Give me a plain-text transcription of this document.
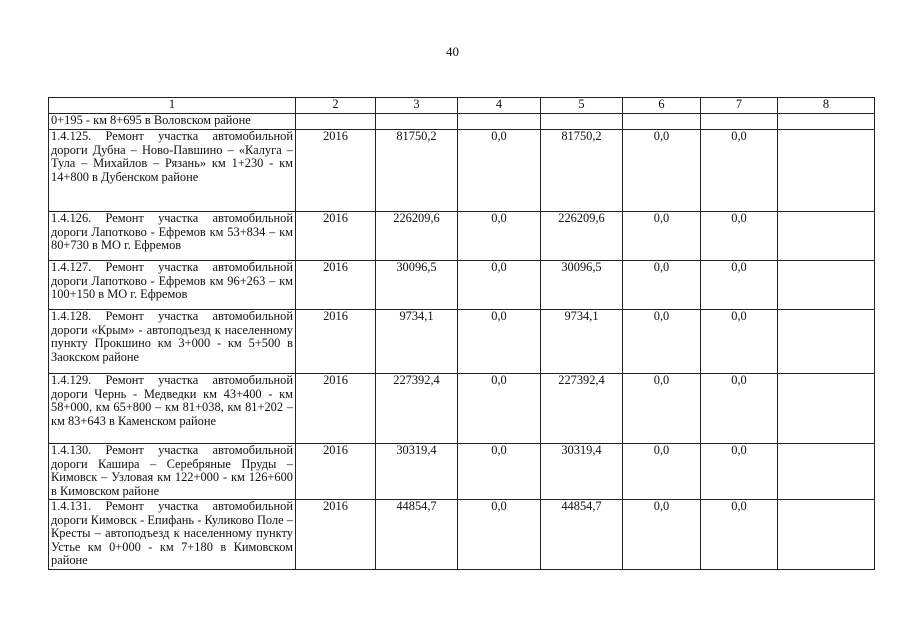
40
1	2	3	4	5	6	7	8
0+195 - км 8+695 в Воловском районе							
1.4.125. Ремонт участка автомобильной дороги Дубна – Ново-Павшино – «Калуга – Тула – Михайлов – Рязань» км 1+230 - км 14+800 в Дубенском районе	2016	81750,2	0,0	81750,2	0,0	0,0	
1.4.126. Ремонт участка автомобильной дороги Лапотково - Ефремов км 53+834 – км 80+730 в МО г. Ефремов	2016	226209,6	0,0	226209,6	0,0	0,0	
1.4.127. Ремонт участка автомобильной дороги Лапотково - Ефремов км 96+263 – км 100+150 в МО г. Ефремов	2016	30096,5	0,0	30096,5	0,0	0,0	
1.4.128. Ремонт участка автомобильной дороги «Крым» - автоподъезд к населенному пункту Прокшино км 3+000 - км 5+500 в Заокском районе	2016	9734,1	0,0	9734,1	0,0	0,0	
1.4.129. Ремонт участка автомобильной дороги Чернь - Медведки км 43+400 - км 58+000, км 65+800 – км 81+038, км 81+202 – км 83+643 в Каменском районе	2016	227392,4	0,0	227392,4	0,0	0,0	
1.4.130. Ремонт участка автомобильной дороги Кашира – Серебряные Пруды – Кимовск – Узловая км 122+000 - км 126+600 в Кимовском районе	2016	30319,4	0,0	30319,4	0,0	0,0	
1.4.131. Ремонт участка автомобильной дороги Кимовск - Епифань - Куликово Поле – Кресты – автоподъезд к населенному пункту Устье км 0+000 - км 7+180 в Кимовском районе	2016	44854,7	0,0	44854,7	0,0	0,0	
